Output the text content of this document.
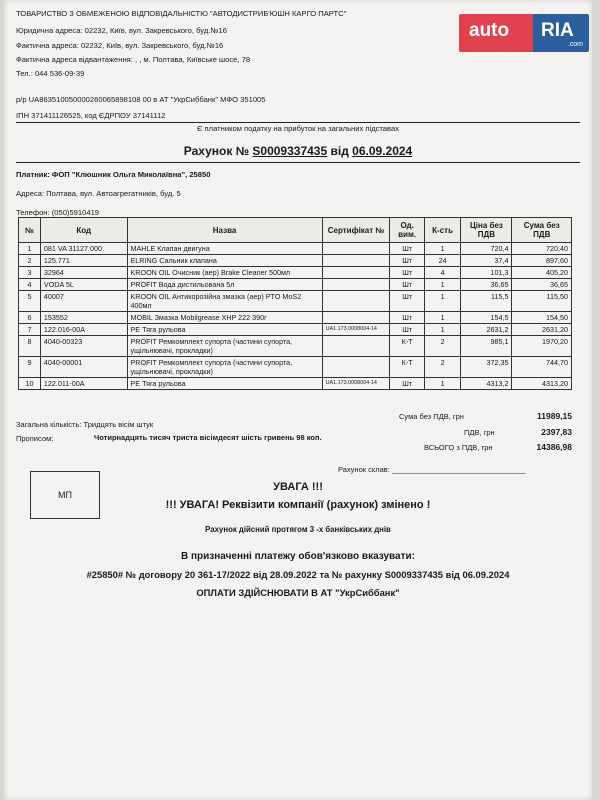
ТОВАРИСТВО З ОБМЕЖЕНОЮ ВІДПОВІДАЛЬНІСТЮ "АВТОДИСТРИБ'ЮШН КАРГО ПАРТС"
Юридична адреса: 02232, Київ, вул. Закревського, буд.№16
Фактична адреса: 02232, Київ, вул. Закревського, буд.№16
Фактична адреса відвантаження: , , м. Полтава, Київське шосе, 78
Тел.: 044 536-09-39
auto	RIA
.com
р/р UA863510050000260065898108 00 в АТ "УкрСиббанк" МФО 351005
ІПН 371411126525, код ЄДРПОУ 37141112
Є платником податку на прибуток на загальних підставах
Рахунок № S0009337435 від 06.09.2024
Платник: ФОП "Клюшник Ольга Миколаївна", 25850
Адреса: Полтава, вул. Автоагрегатників, буд. 5
Телефон: (050)5910419
№	Код	Назва	Сертифікат №	Од. вим.	К-сть	Ціна без ПДВ	Сума без ПДВ
1	081 VA 31127 000	MAHLE Клапан двигуна		Шт	1	720,4	720,40
2	125.771	ELRING Сальник клапана		Шт	24	37,4	897,60
3	32964	KROON OIL Очисник (аер) Brake Cleaner 500мл		Шт	4	101,3	405,20
4	VODA 5L	PROFIT Вода дистильована 5л		Шт	1	36,65	36,65
5	40007	KROON OIL Антикорозійна змазка (аер) PTO MoS2 400мл		Шт	1	115,5	115,50
6	153552	MOBIL Змазка Mobilgrease XHP 222 390г		Шт	1	154,5	154,50
7	122.016-00A	PE Тяга рульова	UA1.173.0008004-14	Шт	1	2631,2	2631,20
8	4040-00323	PROFIT Ремкомплект супорта (частини супорта, ущільнювачі, прокладки)		К-Т	2	985,1	1970,20
9	4040-00001	PROFIT Ремкомплект супорта (частини супорта, ущільнювачі, прокладки)		К-Т	2	372,35	744,70
10	122.011-00A	PE Тяга рульова	UA1.173.0008004-14	Шт	1	4313,2	4313,20
Загальна кількість: Тридцять вісім штук
Прописом:	Чотирнадцять тисяч триста вісімдесят шість гривень 98 коп.
Сума без ПДВ, грн	11989,15
ПДВ, грн	2397,83
ВСЬОГО з ПДВ, грн	14386,98
Рахунок склав: ________________________________
МП
УВАГА !!!
!!! УВАГА! Реквізити компанії (рахунок) змінено !
Рахунок дійсний протягом 3 -х банківських днів
В призначенні платежу обов'язково вказувати:
#25850# № договору 20 361-17/2022 від 28.09.2022 та № рахунку S0009337435 від 06.09.2024
ОПЛАТИ ЗДІЙСНЮВАТИ В АТ "УкрСиббанк"
